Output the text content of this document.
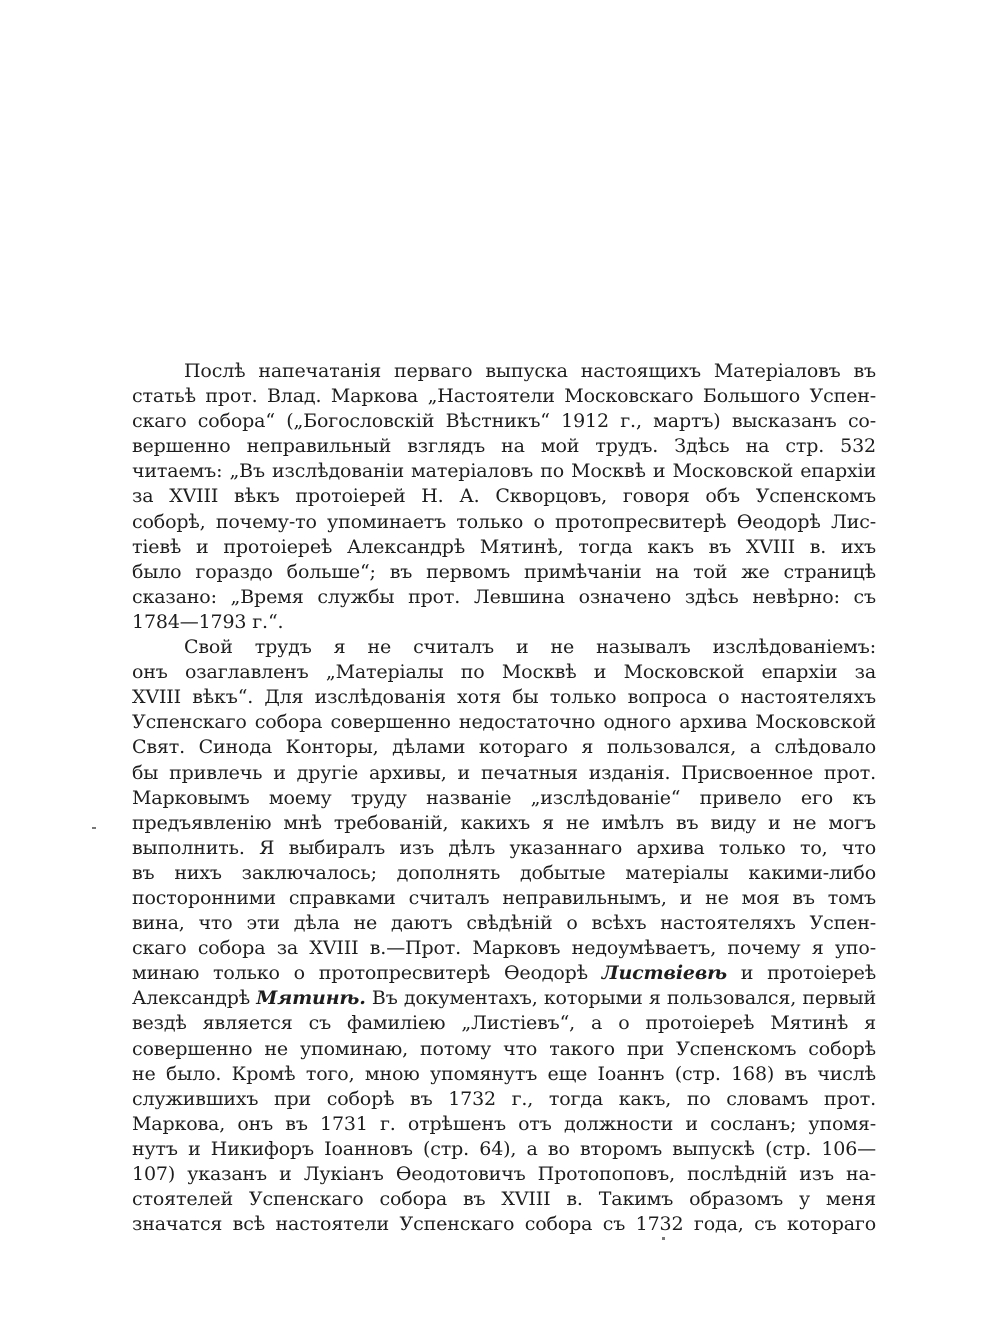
Послѣ напечатанія перваго выпуска настоящихъ Матеріаловъ въ
статьѣ прот. Влад. Маркова „Настоятели Московскаго Большого Успен-
скаго собора“ („Богословскій Вѣстникъ“ 1912 г., мартъ) высказанъ со-
вершенно неправильный взглядъ на мой трудъ. Здѣсь на стр. 532
читаемъ: „Въ изслѣдованіи матеріаловъ по Москвѣ и Московской епархіи
за XVIII вѣкъ протоіерей Н. А. Скворцовъ, говоря объ Успенскомъ
соборѣ, почему-то упоминаетъ только о протопресвитерѣ Ѳеодорѣ Лис-
тіевѣ и протоіереѣ Александрѣ Мятинѣ, тогда какъ въ XVIII в. ихъ
было гораздо больше“; въ первомъ примѣчаніи на той же страницѣ
сказано: „Время службы прот. Левшина означено здѣсь невѣрно: съ
1784—1793 г.“.
Свой трудъ я не считалъ и не называлъ изслѣдованіемъ:
онъ озаглавленъ „Матеріалы по Москвѣ и Московской епархіи за
XVIII вѣкъ“. Для изслѣдованія хотя бы только вопроса о настоятеляхъ
Успенскаго собора совершенно недостаточно одного архива Московской
Свят. Синода Конторы, дѣлами котораго я пользовался, а слѣдовало
бы привлечь и другіе архивы, и печатныя изданія. Присвоенное прот.
Марковымъ моему труду названіе „изслѣдованіе“ привело его къ
предъявленію мнѣ требованій, какихъ я не имѣлъ въ виду и не могъ
выполнить. Я выбиралъ изъ дѣлъ указаннаго архива только то, что
въ нихъ заключалось; дополнять добытые матеріалы какими-либо
посторонними справками считалъ неправильнымъ, и не моя въ томъ
вина, что эти дѣла не даютъ свѣдѣній о всѣхъ настоятеляхъ Успен-
скаго собора за XVIII в.—Прот. Марковъ недоумѣваетъ, почему я упо-
минаю только о протопресвитерѣ Ѳеодорѣ Листвіевѣ и протоіереѣ
Александрѣ Мятинѣ. Въ документахъ, которыми я пользовался, первый
вездѣ является съ фамиліею „Листіевъ“, а о протоіереѣ Мятинѣ я
совершенно не упоминаю, потому что такого при Успенскомъ соборѣ
не было. Кромѣ того, мною упомянутъ еще Іоаннъ (стр. 168) въ числѣ
служившихъ при соборѣ въ 1732 г., тогда какъ, по словамъ прот.
Маркова, онъ въ 1731 г. отрѣшенъ отъ должности и сосланъ; упомя-
нутъ и Никифоръ Іоанновъ (стр. 64), а во второмъ выпускѣ (стр. 106—
107) указанъ и Лукіанъ Ѳеодотовичъ Протопоповъ, послѣдній изъ на-
стоятелей Успенскаго собора въ XVIII в. Такимъ образомъ у меня
значатся всѣ настоятели Успенскаго собора съ 1732 года, съ котораго
